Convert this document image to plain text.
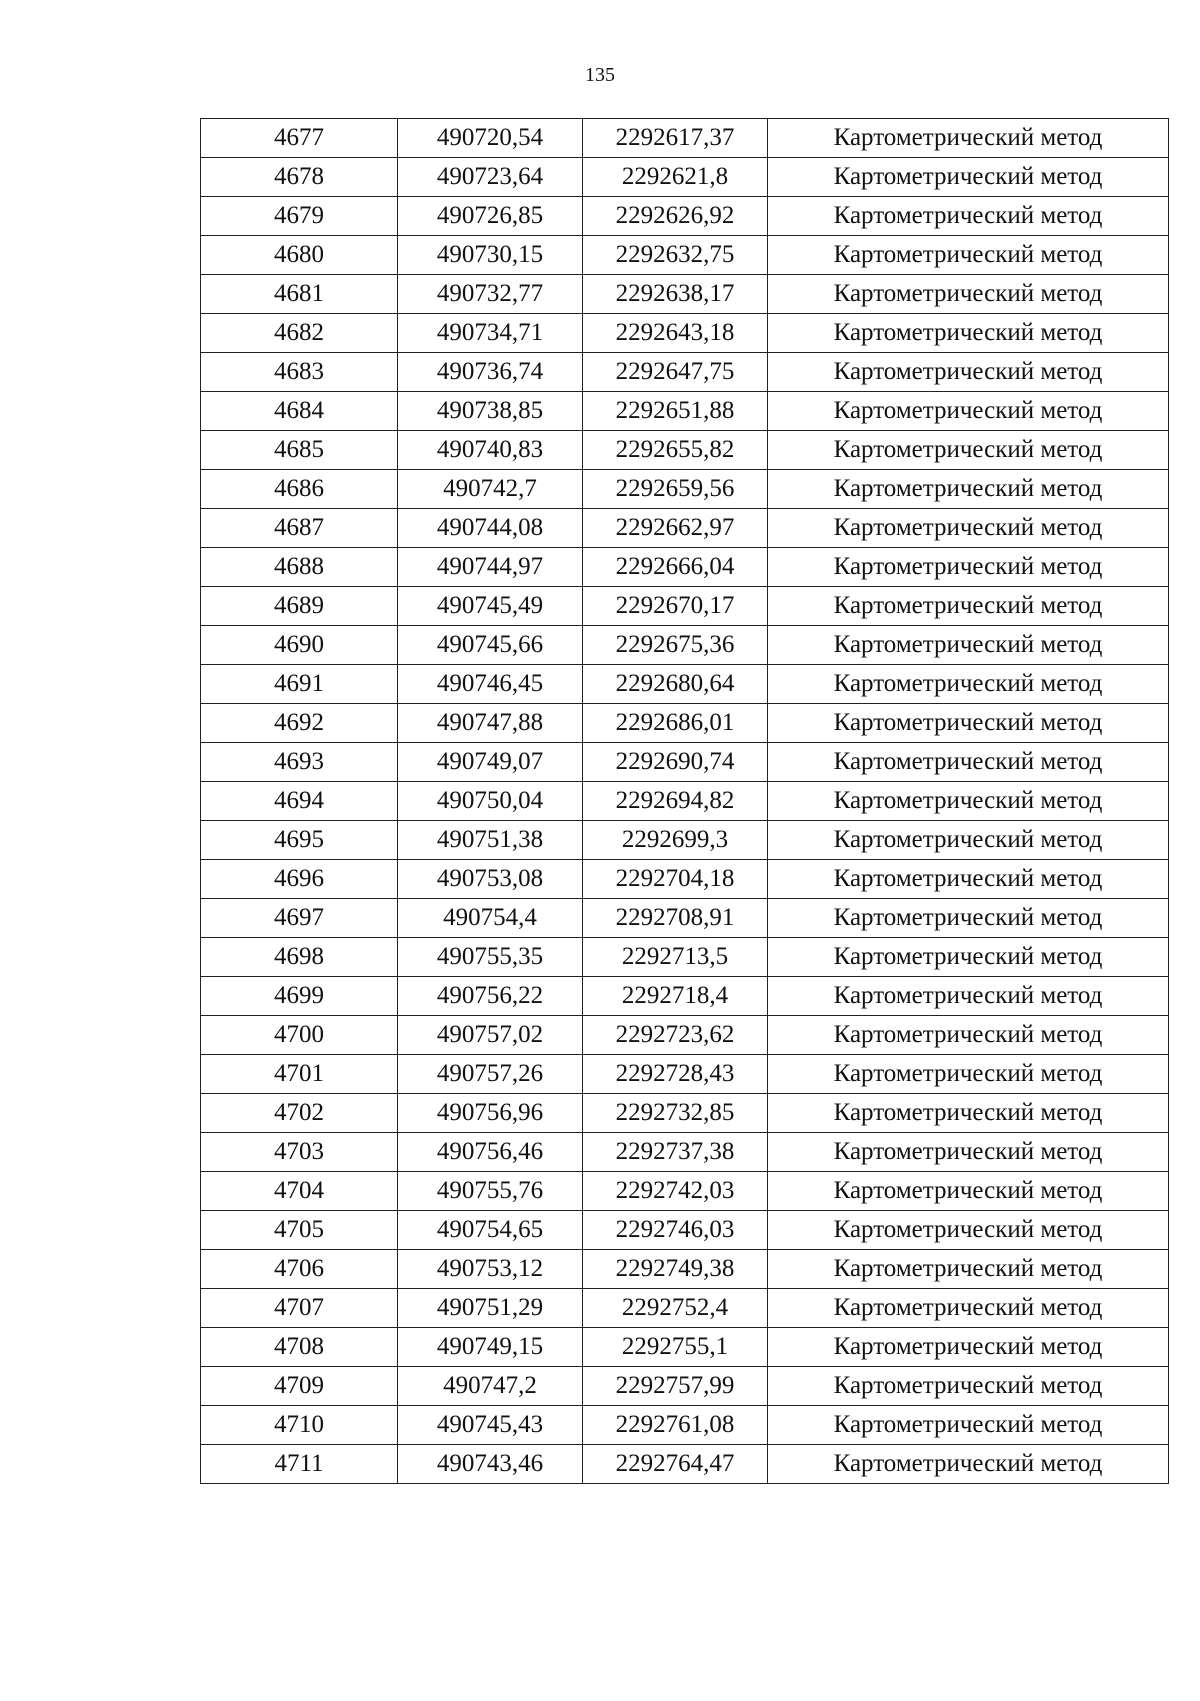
135
4677	490720,54	2292617,37	Картометрический метод
4678	490723,64	2292621,8	Картометрический метод
4679	490726,85	2292626,92	Картометрический метод
4680	490730,15	2292632,75	Картометрический метод
4681	490732,77	2292638,17	Картометрический метод
4682	490734,71	2292643,18	Картометрический метод
4683	490736,74	2292647,75	Картометрический метод
4684	490738,85	2292651,88	Картометрический метод
4685	490740,83	2292655,82	Картометрический метод
4686	490742,7	2292659,56	Картометрический метод
4687	490744,08	2292662,97	Картометрический метод
4688	490744,97	2292666,04	Картометрический метод
4689	490745,49	2292670,17	Картометрический метод
4690	490745,66	2292675,36	Картометрический метод
4691	490746,45	2292680,64	Картометрический метод
4692	490747,88	2292686,01	Картометрический метод
4693	490749,07	2292690,74	Картометрический метод
4694	490750,04	2292694,82	Картометрический метод
4695	490751,38	2292699,3	Картометрический метод
4696	490753,08	2292704,18	Картометрический метод
4697	490754,4	2292708,91	Картометрический метод
4698	490755,35	2292713,5	Картометрический метод
4699	490756,22	2292718,4	Картометрический метод
4700	490757,02	2292723,62	Картометрический метод
4701	490757,26	2292728,43	Картометрический метод
4702	490756,96	2292732,85	Картометрический метод
4703	490756,46	2292737,38	Картометрический метод
4704	490755,76	2292742,03	Картометрический метод
4705	490754,65	2292746,03	Картометрический метод
4706	490753,12	2292749,38	Картометрический метод
4707	490751,29	2292752,4	Картометрический метод
4708	490749,15	2292755,1	Картометрический метод
4709	490747,2	2292757,99	Картометрический метод
4710	490745,43	2292761,08	Картометрический метод
4711	490743,46	2292764,47	Картометрический метод
